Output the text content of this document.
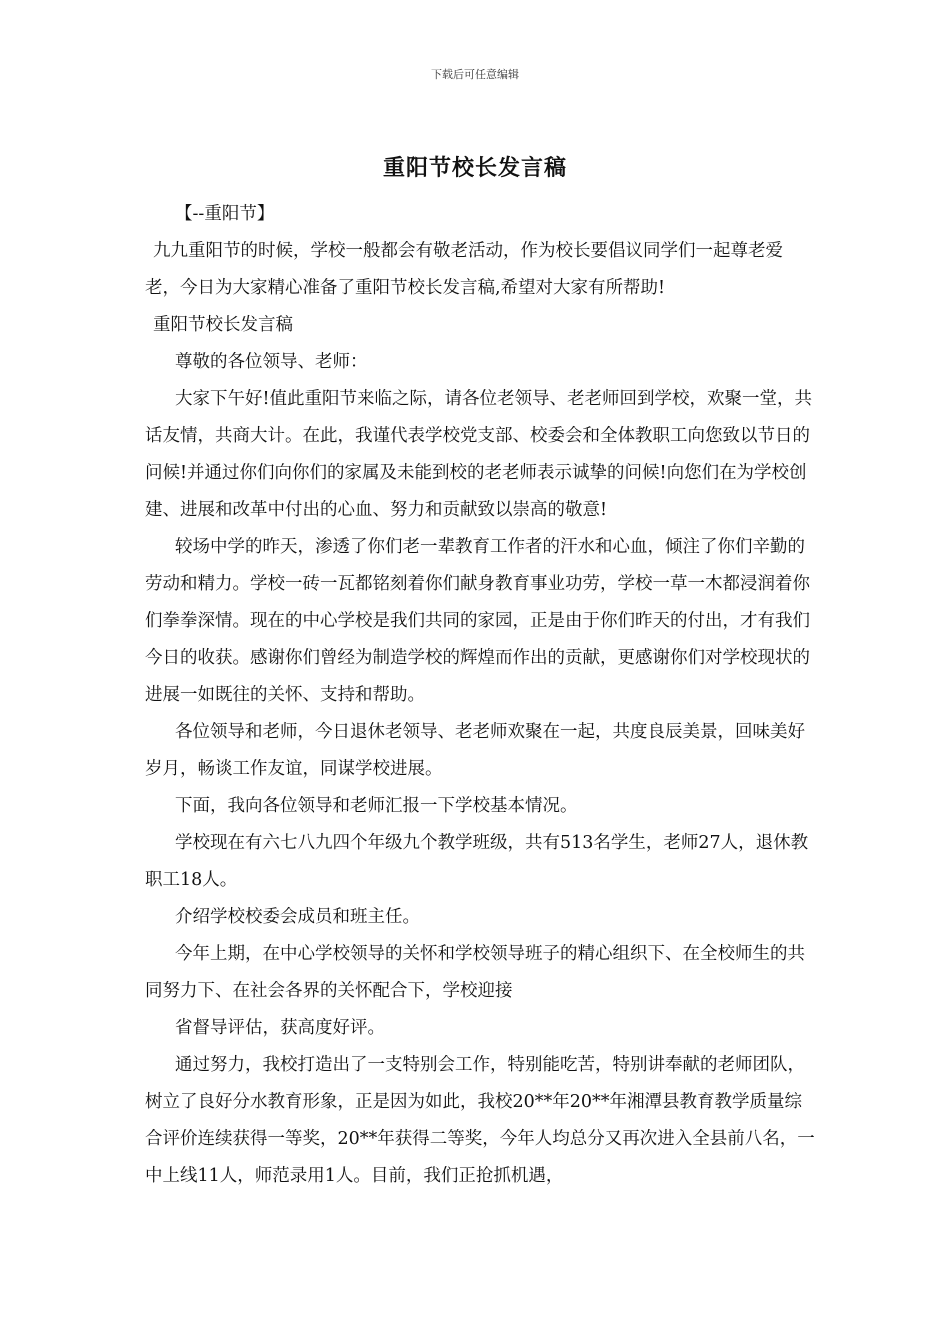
下载后可任意编辑
重阳节校长发言稿

【--重阳节】

九九重阳节的时候，学校一般都会有敬老活动，作为校长要倡议同学们一起尊老爱老，今日为大家精心准备了重阳节校长发言稿,希望对大家有所帮助!

重阳节校长发言稿

尊敬的各位领导、老师：

大家下午好!值此重阳节来临之际，请各位老领导、老老师回到学校，欢聚一堂，共话友情，共商大计。在此，我谨代表学校党支部、校委会和全体教职工向您致以节日的问候!并通过你们向你们的家属及未能到校的老老师表示诚挚的问候!向您们在为学校创建、进展和改革中付出的心血、努力和贡献致以崇高的敬意!

较场中学的昨天，渗透了你们老一辈教育工作者的汗水和心血，倾注了你们辛勤的劳动和精力。学校一砖一瓦都铭刻着你们献身教育事业功劳，学校一草一木都浸润着你们拳拳深情。现在的中心学校是我们共同的家园，正是由于你们昨天的付出，才有我们今日的收获。感谢你们曾经为制造学校的辉煌而作出的贡献，更感谢你们对学校现状的进展一如既往的关怀、支持和帮助。

各位领导和老师，今日退休老领导、老老师欢聚在一起，共度良辰美景，回味美好岁月，畅谈工作友谊，同谋学校进展。

下面，我向各位领导和老师汇报一下学校基本情况。

学校现在有六七八九四个年级九个教学班级，共有513名学生，老师27人，退休教职工18人。

介绍学校校委会成员和班主任。

今年上期，在中心学校领导的关怀和学校领导班子的精心组织下、在全校师生的共同努力下、在社会各界的关怀配合下，学校迎接

省督导评估，获高度好评。

通过努力，我校打造出了一支特别会工作，特别能吃苦，特别讲奉献的老师团队，树立了良好分水教育形象，正是因为如此，我校20**年20**年湘潭县教育教学质量综合评价连续获得一等奖，20**年获得二等奖，今年人均总分又再次进入全县前八名，一中上线11人，师范录用1人。目前，我们正抢抓机遇，
